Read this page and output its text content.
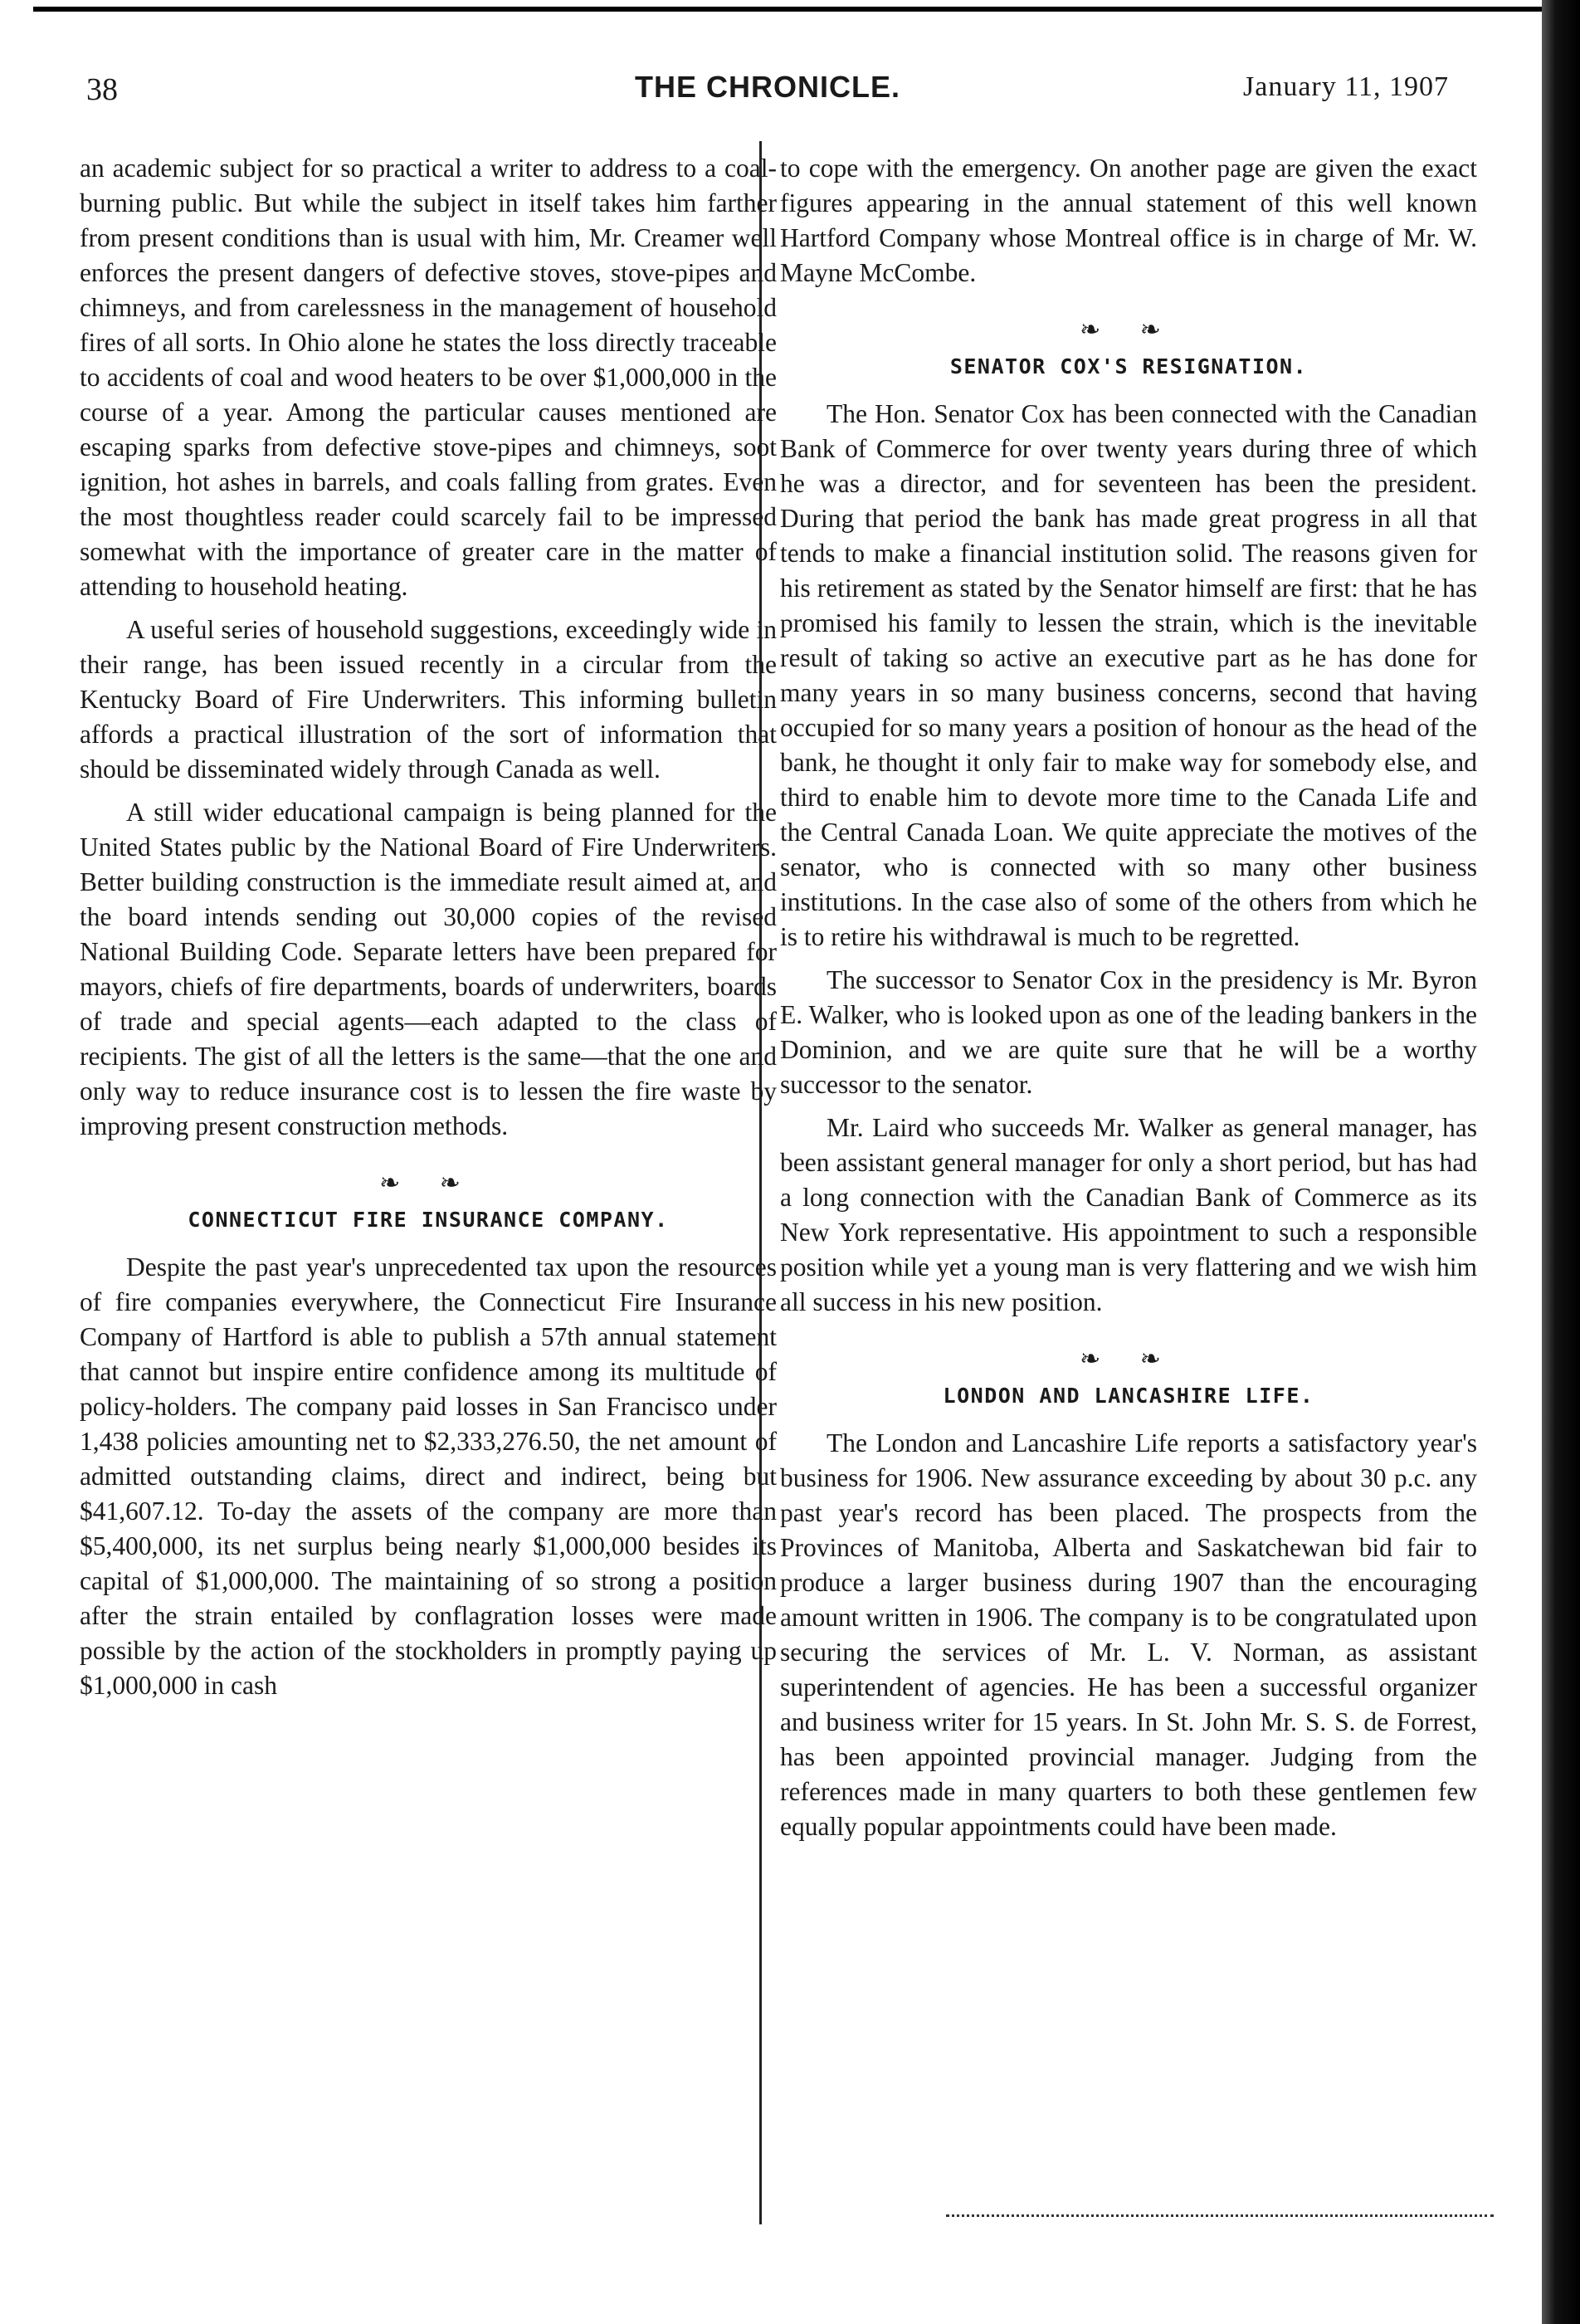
38	THE CHRONICLE.	January 11, 1907

an academic subject for so practical a writer to address to a coal-burning public. But while the subject in itself takes him farther from present conditions than is usual with him, Mr. Creamer well enforces the present dangers of defective stoves, stove-pipes and chimneys, and from carelessness in the management of household fires of all sorts. In Ohio alone he states the loss directly traceable to accidents of coal and wood heaters to be over $1,000,000 in the course of a year. Among the particular causes mentioned are escaping sparks from defective stove-pipes and chimneys, soot ignition, hot ashes in barrels, and coals falling from grates. Even the most thoughtless reader could scarcely fail to be impressed somewhat with the importance of greater care in the matter of attending to household heating.

A useful series of household suggestions, exceedingly wide in their range, has been issued recently in a circular from the Kentucky Board of Fire Underwriters. This informing bulletin affords a practical illustration of the sort of information that should be disseminated widely through Canada as well.

A still wider educational campaign is being planned for the United States public by the National Board of Fire Underwriters. Better building construction is the immediate result aimed at, and the board intends sending out 30,000 copies of the revised National Building Code. Separate letters have been prepared for mayors, chiefs of fire departments, boards of underwriters, boards of trade and special agents—each adapted to the class of recipients. The gist of all the letters is the same—that the one and only way to reduce insurance cost is to lessen the fire waste by improving present construction methods.

❧ ❧
CONNECTICUT FIRE INSURANCE COMPANY.

Despite the past year's unprecedented tax upon the resources of fire companies everywhere, the Connecticut Fire Insurance Company of Hartford is able to publish a 57th annual statement that cannot but inspire entire confidence among its multitude of policy-holders. The company paid losses in San Francisco under 1,438 policies amounting net to $2,333,276.50, the net amount of admitted outstanding claims, direct and indirect, being but $41,607.12. To-day the assets of the company are more than $5,400,000, its net surplus being nearly $1,000,000 besides its capital of $1,000,000. The maintaining of so strong a position after the strain entailed by conflagration losses were made possible by the action of the stockholders in promptly paying up $1,000,000 in cash

to cope with the emergency. On another page are given the exact figures appearing in the annual statement of this well known Hartford Company whose Montreal office is in charge of Mr. W. Mayne McCombe.

❧ ❧
SENATOR COX'S RESIGNATION.

The Hon. Senator Cox has been connected with the Canadian Bank of Commerce for over twenty years during three of which he was a director, and for seventeen has been the president. During that period the bank has made great progress in all that tends to make a financial institution solid. The reasons given for his retirement as stated by the Senator himself are first: that he has promised his family to lessen the strain, which is the inevitable result of taking so active an executive part as he has done for many years in so many business concerns, second that having occupied for so many years a position of honour as the head of the bank, he thought it only fair to make way for somebody else, and third to enable him to devote more time to the Canada Life and the Central Canada Loan. We quite appreciate the motives of the senator, who is connected with so many other business institutions. In the case also of some of the others from which he is to retire his withdrawal is much to be regretted.

The successor to Senator Cox in the presidency is Mr. Byron E. Walker, who is looked upon as one of the leading bankers in the Dominion, and we are quite sure that he will be a worthy successor to the senator.

Mr. Laird who succeeds Mr. Walker as general manager, has been assistant general manager for only a short period, but has had a long connection with the Canadian Bank of Commerce as its New York representative. His appointment to such a responsible position while yet a young man is very flattering and we wish him all success in his new position.

❧ ❧
LONDON AND LANCASHIRE LIFE.

The London and Lancashire Life reports a satisfactory year's business for 1906. New assurance exceeding by about 30 p.c. any past year's record has been placed. The prospects from the Provinces of Manitoba, Alberta and Saskatchewan bid fair to produce a larger business during 1907 than the encouraging amount written in 1906. The company is to be congratulated upon securing the services of Mr. L. V. Norman, as assistant superintendent of agencies. He has been a successful organizer and business writer for 15 years. In St. John Mr. S. S. de Forrest, has been appointed provincial manager. Judging from the references made in many quarters to both these gentlemen few equally popular appointments could have been made.
